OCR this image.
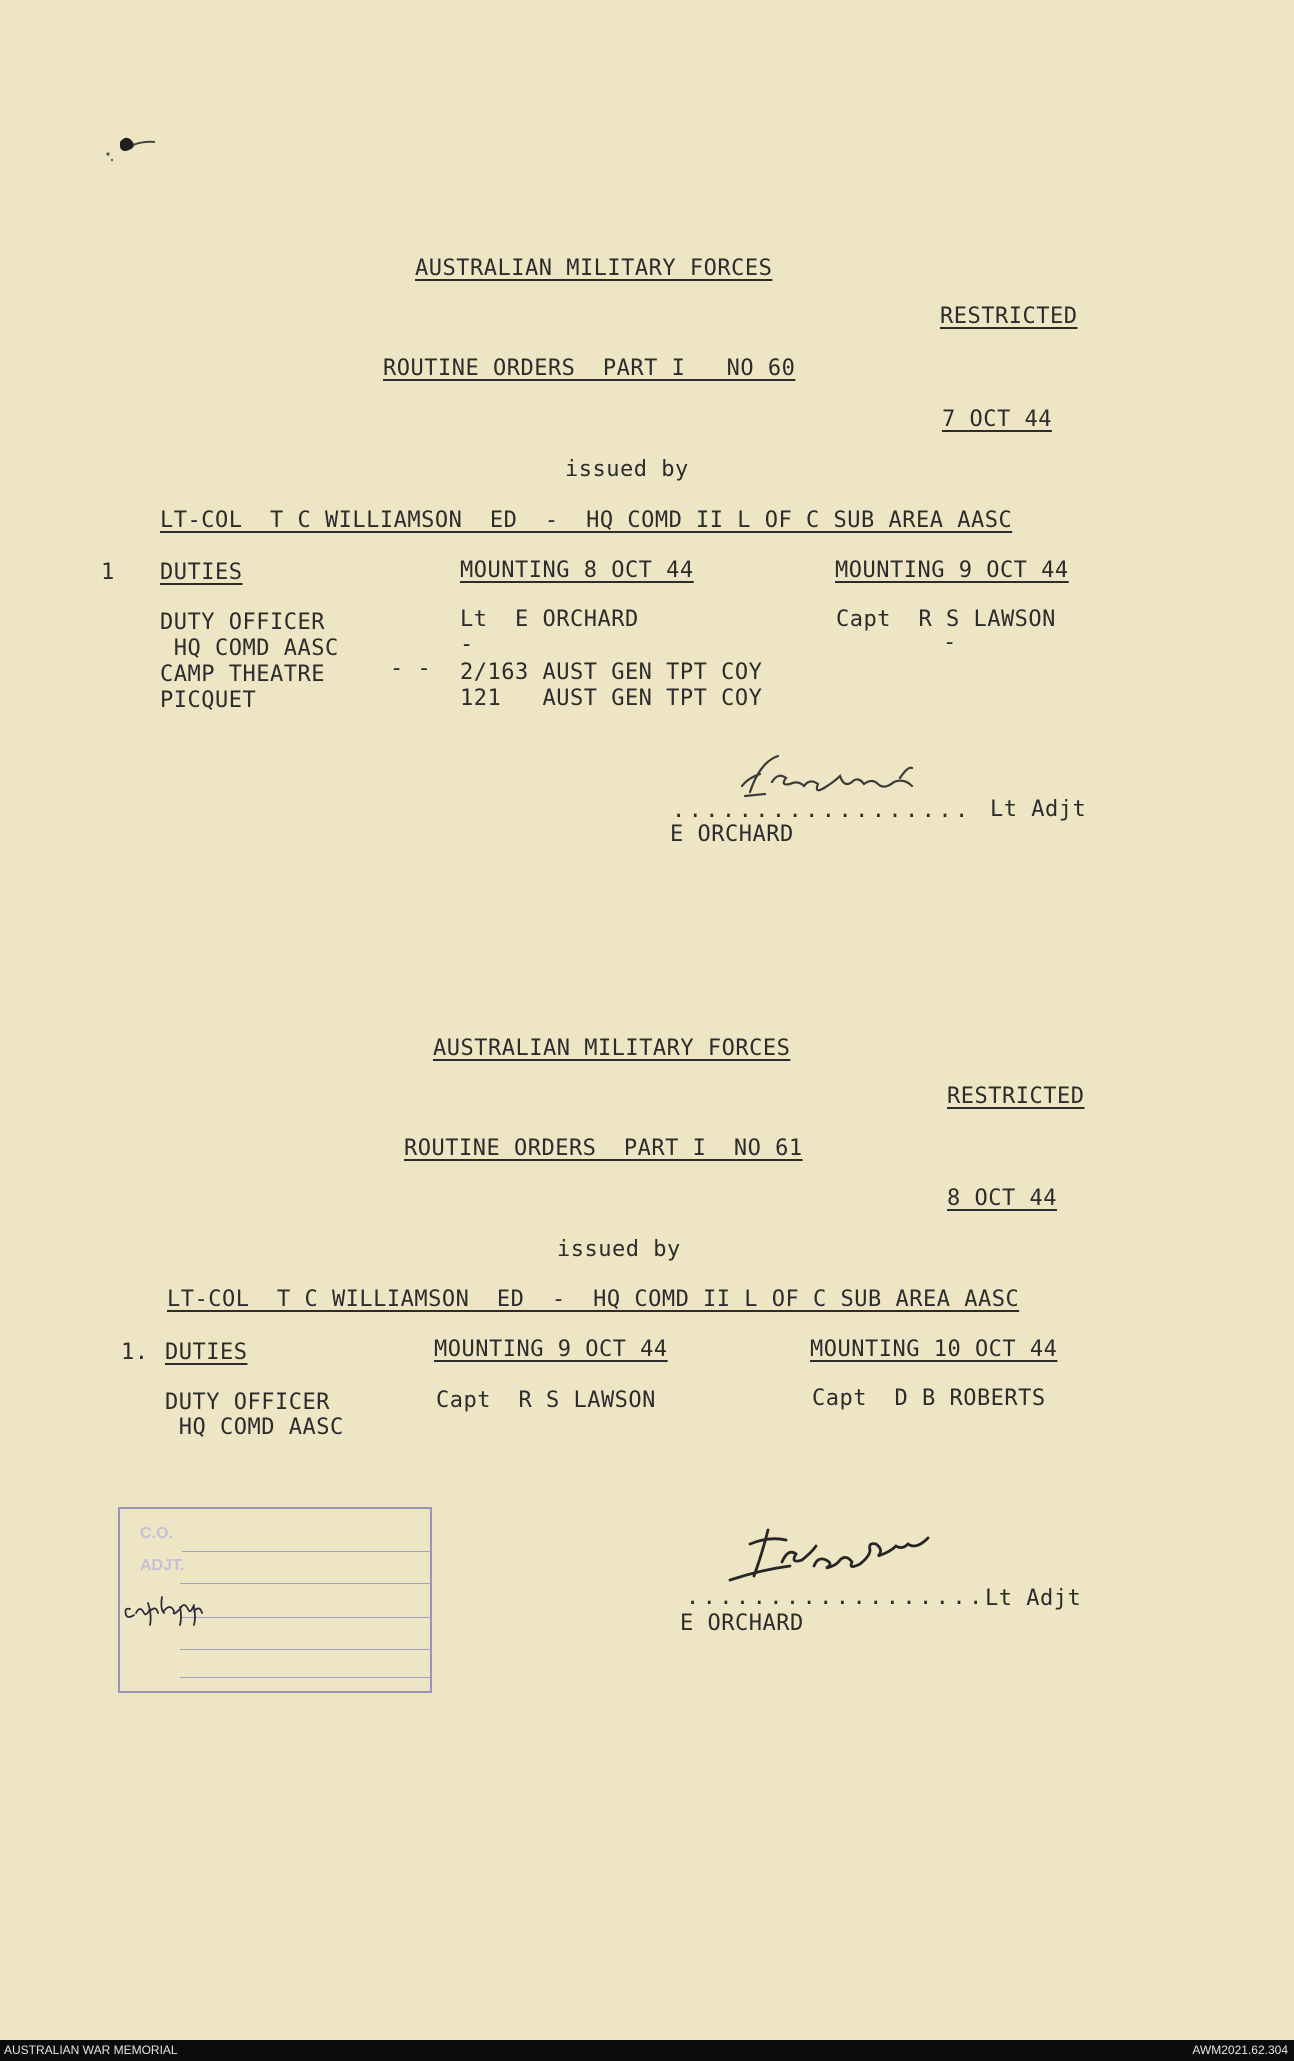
AUSTRALIAN MILITARY FORCES
RESTRICTED
ROUTINE ORDERS  PART I   NO 60
7 OCT 44
issued by
LT-COL  T C WILLIAMSON  ED  -  HQ COMD II L OF C SUB AREA AASC
1 DUTIES	MOUNTING 8 OCT 44	MOUNTING 9 OCT 44
DUTY OFFICER	Lt  E ORCHARD	Capt  R S LAWSON
HQ COMD AASC	-	-
CAMP THEATRE	- - 2/163 AUST GEN TPT COY
PICQUET	121   AUST GEN TPT COY
.................. Lt Adjt
E ORCHARD
AUSTRALIAN MILITARY FORCES
RESTRICTED
ROUTINE ORDERS  PART I  NO 61
8 OCT 44
issued by
LT-COL  T C WILLIAMSON  ED  -  HQ COMD II L OF C SUB AREA AASC
1. DUTIES	MOUNTING 9 OCT 44	MOUNTING 10 OCT 44
DUTY OFFICER	Capt  R S LAWSON	Capt  D B ROBERTS
HQ COMD AASC
C.O.
ADJT.
.................. Lt Adjt
E ORCHARD
AUSTRALIAN WAR MEMORIAL	AWM2021.62.304
